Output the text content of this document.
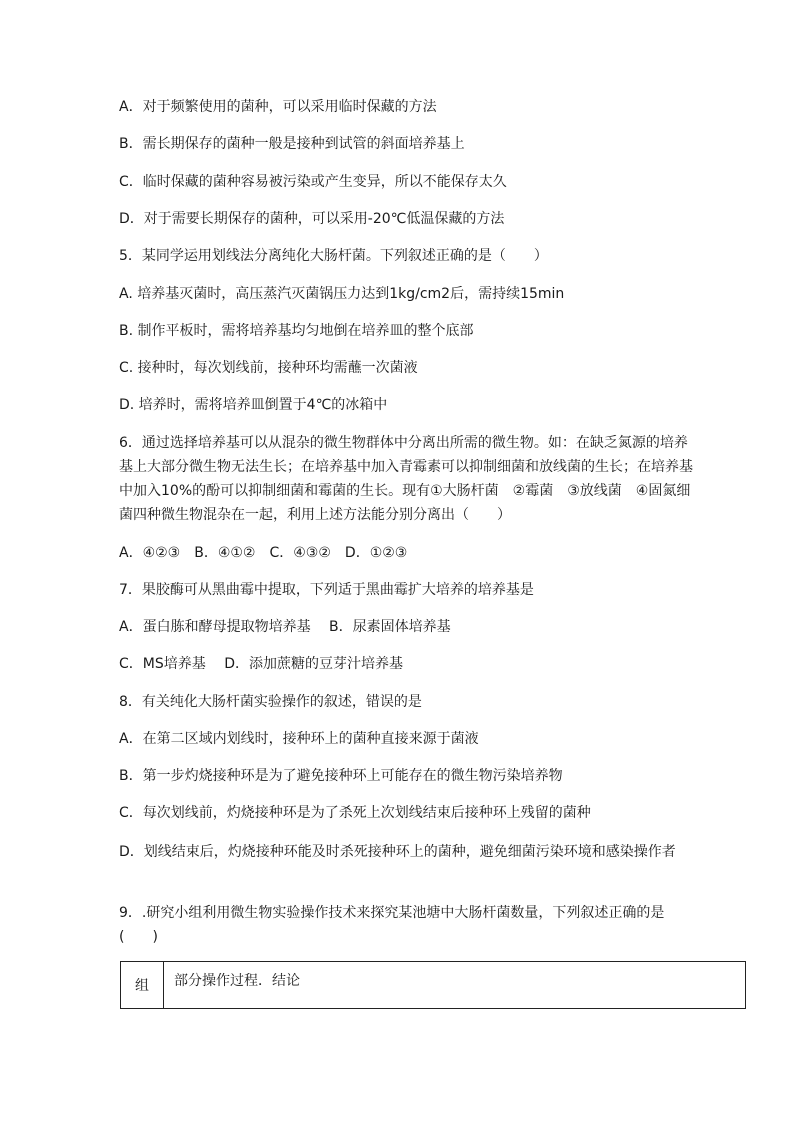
A．对于频繁使用的菌种，可以采用临时保藏的方法
B．需长期保存的菌种一般是接种到试管的斜面培养基上
C．临时保藏的菌种容易被污染或产生变异，所以不能保存太久
D．对于需要长期保存的菌种，可以采用-20℃低温保藏的方法
5．某同学运用划线法分离纯化大肠杆菌。下列叙述正确的是（　　）
A. 培养基灭菌时，高压蒸汽灭菌锅压力达到1kg/cm2后，需持续15min
B. 制作平板时，需将培养基均匀地倒在培养皿的整个底部
C. 接种时，每次划线前，接种环均需蘸一次菌液
D. 培养时，需将培养皿倒置于4℃的冰箱中
6．通过选择培养基可以从混杂的微生物群体中分离出所需的微生物。如：在缺乏氮源的培养基上大部分微生物无法生长；在培养基中加入青霉素可以抑制细菌和放线菌的生长；在培养基中加入10%的酚可以抑制细菌和霉菌的生长。现有①大肠杆菌　②霉菌　③放线菌　④固氮细菌四种微生物混杂在一起，利用上述方法能分别分离出（　　）
A．④②③　B．④①②　C．④③②　D．①②③
7．果胶酶可从黑曲霉中提取，下列适于黑曲霉扩大培养的培养基是
A．蛋白胨和酵母提取物培养基　 B．尿素固体培养基
C．MS培养基　 D．添加蔗糖的豆芽汁培养基
8．有关纯化大肠杆菌实验操作的叙述，错误的是
A．在第二区域内划线时，接种环上的菌种直接来源于菌液
B．第一步灼烧接种环是为了避免接种环上可能存在的微生物污染培养物
C．每次划线前，灼烧接种环是为了杀死上次划线结束后接种环上残留的菌种
D．划线结束后，灼烧接种环能及时杀死接种环上的菌种，避免细菌污染环境和感染操作者
9．.研究小组利用微生物实验操作技术来探究某池塘中大肠杆菌数量，下列叙述正确的是(　　)
组	部分操作过程．结论
